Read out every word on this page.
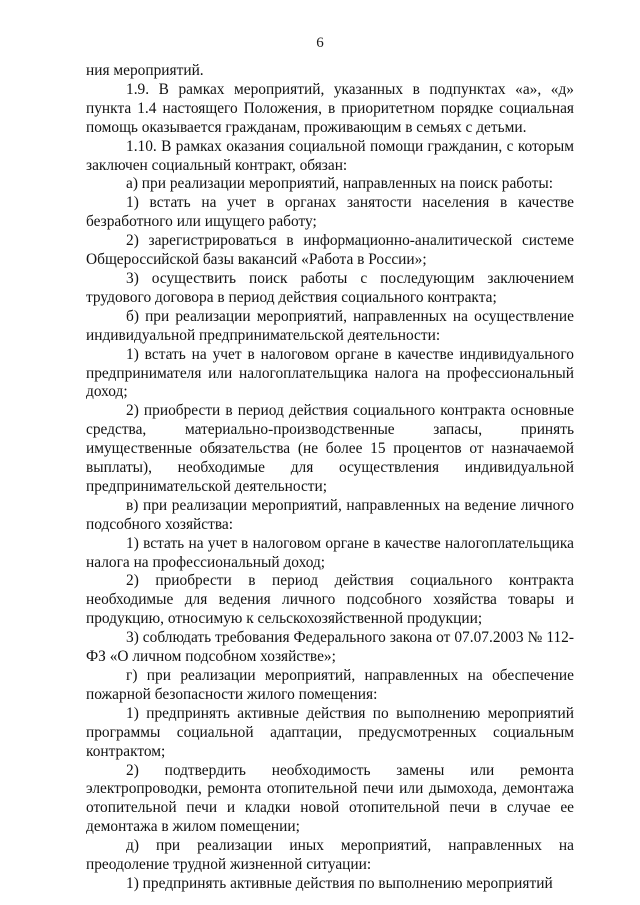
6

ния мероприятий.

1.9. В рамках мероприятий, указанных в подпунктах «а», «д» пункта 1.4 настоящего Положения, в приоритетном порядке социальная помощь оказывается гражданам, проживающим в семьях с детьми.

1.10. В рамках оказания социальной помощи гражданин, с которым заключен социальный контракт, обязан:

а) при реализации мероприятий, направленных на поиск работы:

1) встать на учет в органах занятости населения в качестве безработного или ищущего работу;

2) зарегистрироваться в информационно-аналитической системе Общероссийской базы вакансий «Работа в России»;

3) осуществить поиск работы с последующим заключением трудового договора в период действия социального контракта;

б) при реализации мероприятий, направленных на осуществление индивидуальной предпринимательской деятельности:

1) встать на учет в налоговом органе в качестве индивидуального предпринимателя или налогоплательщика налога на профессиональный доход;

2) приобрести в период действия социального контракта основные средства, материально-производственные запасы, принять имущественные обязательства (не более 15 процентов от назначаемой выплаты), необходимые для осуществления индивидуальной предпринимательской деятельности;

в) при реализации мероприятий, направленных на ведение личного подсобного хозяйства:

1) встать на учет в налоговом органе в качестве налогоплательщика налога на профессиональный доход;

2) приобрести в период действия социального контракта необходимые для ведения личного подсобного хозяйства товары и продукцию, относимую к сельскохозяйственной продукции;

3) соблюдать требования Федерального закона от 07.07.2003 № 112-ФЗ «О личном подсобном хозяйстве»;

г) при реализации мероприятий, направленных на обеспечение пожарной безопасности жилого помещения:

1) предпринять активные действия по выполнению мероприятий программы социальной адаптации, предусмотренных социальным контрактом;

2) подтвердить необходимость замены или ремонта электропроводки, ремонта отопительной печи или дымохода, демонтажа отопительной печи и кладки новой отопительной печи в случае ее демонтажа в жилом помещении;

д) при реализации иных мероприятий, направленных на преодоление трудной жизненной ситуации:

1) предпринять активные действия по выполнению мероприятий
